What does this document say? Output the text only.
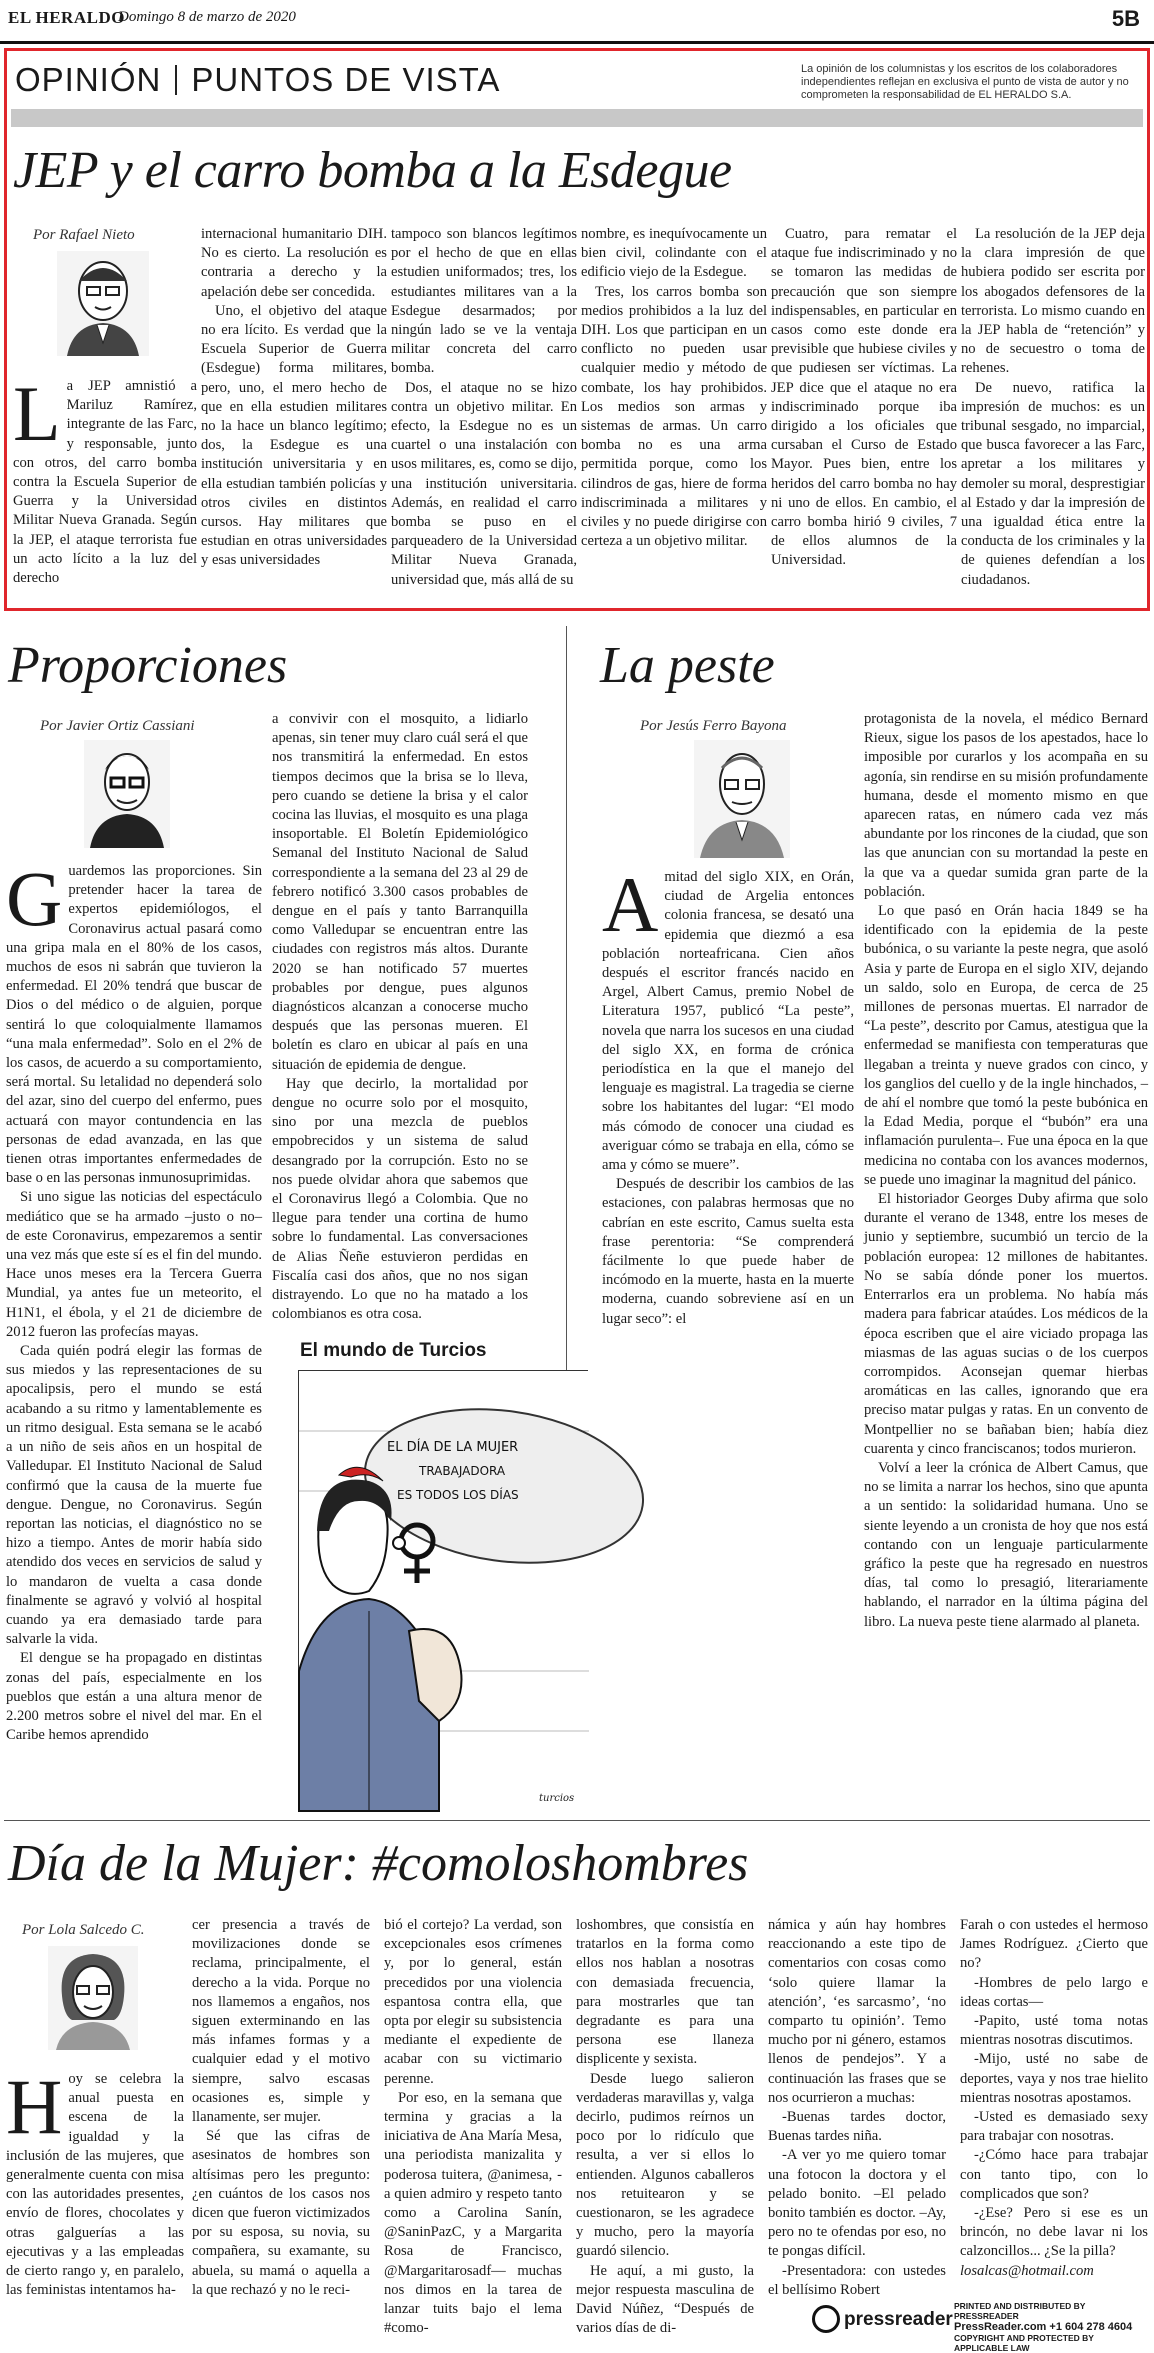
EL HERALDO
Domingo 8 de marzo de 2020	5B
OPINIÓN PUNTOS DE VISTA	La opinión de los columnistas y los escritos de los colaboradores independientes reflejan en exclusiva el punto de vista de autor y no comprometen la responsabilidad de EL HERALDO S.A.
JEP y el carro bomba a la Esdegue
Por Rafael Nieto

La JEP amnistió a Mariluz Ramírez, integrante de las Farc, y responsable, junto con otros, del carro bomba contra la Escuela Superior de Guerra y la Universidad Militar Nueva Granada. Según la JEP, el ataque terrorista fue un acto lícito a la luz del derecho

internacional humanitario DIH. No es cierto. La resolución es contraria a derecho y la apelación debe ser concedida.

Uno, el objetivo del ataque no era lícito. Es verdad que la Escuela Superior de Guerra (Esdegue) forma militares, pero, uno, el mero hecho de que en ella estudien militares no la hace un blanco legítimo; dos, la Esdegue es una institución universitaria y en ella estudian también policías y otros civiles en distintos cursos. Hay militares que estudian en otras universidades y esas universidades

tampoco son blancos legítimos por el hecho de que en ellas estudien uniformados; tres, los estudiantes militares van a la Esdegue desarmados; por ningún lado se ve la ventaja militar concreta del carro bomba.

Dos, el ataque no se hizo contra un objetivo militar. En efecto, la Esdegue no es un cuartel o una instalación con usos militares, es, como se dijo, una institución universitaria. Además, en realidad el carro bomba se puso en el parqueadero de la Universidad Militar Nueva Granada, universidad que, más allá de su

nombre, es inequívocamente un bien civil, colindante con el edificio viejo de la Esdegue.

Tres, los carros bomba son medios prohibidos a la luz del DIH. Los que participan en un conflicto no pueden usar cualquier medio y método de combate, los hay prohibidos. Los medios son armas y sistemas de armas. Un carro bomba no es una arma permitida porque, como los cilindros de gas, hiere de forma indiscriminada a militares y civiles y no puede dirigirse con certeza a un objetivo militar.

Cuatro, para rematar el ataque fue indiscriminado y no se tomaron las medidas de precaución que son siempre indispensables, en particular en casos como este donde era previsible que hubiese civiles y que pudiesen ser víctimas. La JEP dice que el ataque no era indiscriminado porque iba dirigido a los oficiales que cursaban el Curso de Estado Mayor. Pues bien, entre los heridos del carro bomba no hay ni uno de ellos. En cambio, el carro bomba hirió 9 civiles, 7 de ellos alumnos de la Universidad.

La resolución de la JEP deja la clara impresión de que hubiera podido ser escrita por los abogados defensores de la terrorista. Lo mismo cuando en la JEP habla de “retención” y no de secuestro o toma de rehenes.

De nuevo, ratifica la impresión de muchos: es un tribunal sesgado, no imparcial, que busca favorecer a las Farc, apretar a los militares y demoler su moral, desprestigiar al Estado y dar la impresión de una igualdad ética entre la conducta de los criminales y la de quienes defendían a los ciudadanos.

Proporciones
Por Javier Ortiz Cassiani

Guardemos las proporciones. Sin pretender hacer la tarea de expertos epidemiólogos, el Coronavirus actual pasará como una gripa mala en el 80% de los casos, muchos de esos ni sabrán que tuvieron la enfermedad. El 20% tendrá que buscar de Dios o del médico o de alguien, porque sentirá lo que coloquialmente llamamos “una mala enfermedad”. Solo en el 2% de los casos, de acuerdo a su comportamiento, será mortal. Su letalidad no dependerá solo del azar, sino del cuerpo del enfermo, pues actuará con mayor contundencia en las personas de edad avanzada, en las que tienen otras importantes enfermedades de base o en las personas inmunosuprimidas.

Si uno sigue las noticias del espectáculo mediático que se ha armado –justo o no– de este Coronavirus, empezaremos a sentir una vez más que este sí es el fin del mundo. Hace unos meses era la Tercera Guerra Mundial, ya antes fue un meteorito, el H1N1, el ébola, y el 21 de diciembre de 2012 fueron las profecías mayas.

Cada quién podrá elegir las formas de sus miedos y las representaciones de su apocalipsis, pero el mundo se está acabando a su ritmo y lamentablemente es un ritmo desigual. Esta semana se le acabó a un niño de seis años en un hospital de Valledupar. El Instituto Nacional de Salud confirmó que la causa de la muerte fue dengue. Dengue, no Coronavirus. Según reportan las noticias, el diagnóstico no se hizo a tiempo. Antes de morir había sido atendido dos veces en servicios de salud y lo mandaron de vuelta a casa donde finalmente se agravó y volvió al hospital cuando ya era demasiado tarde para salvarle la vida.

El dengue se ha propagado en distintas zonas del país, especialmente en los pueblos que están a una altura menor de 2.200 metros sobre el nivel del mar. En el Caribe hemos aprendido

a convivir con el mosquito, a lidiarlo apenas, sin tener muy claro cuál será el que nos transmitirá la enfermedad. En estos tiempos decimos que la brisa se lo lleva, pero cuando se detiene la brisa y el calor cocina las lluvias, el mosquito es una plaga insoportable. El Boletín Epidemiológico Semanal del Instituto Nacional de Salud correspondiente a la semana del 23 al 29 de febrero notificó 3.300 casos probables de dengue en el país y tanto Barranquilla como Valledupar se encuentran entre las ciudades con registros más altos. Durante 2020 se han notificado 57 muertes probables por dengue, pues algunos diagnósticos alcanzan a conocerse mucho después que las personas mueren. El boletín es claro en ubicar al país en una situación de epidemia de dengue.

Hay que decirlo, la mortalidad por dengue no ocurre solo por el mosquito, sino por una mezcla de pueblos empobrecidos y un sistema de salud desangrado por la corrupción. Esto no se nos puede olvidar ahora que sabemos que el Coronavirus llegó a Colombia. Que no llegue para tender una cortina de humo sobre lo fundamental. Las conversaciones de Alias Ñeñe estuvieron perdidas en Fiscalía casi dos años, que no nos sigan distrayendo. Lo que no ha matado a los colombianos es otra cosa.

El mundo de Turcios
EL DÍA DE LA MUJER
TRABAJADORA
ES TODOS LOS DÍAS
turcios
La peste
Por Jesús Ferro Bayona

Amitad del siglo XIX, en Orán, ciudad de Argelia entonces colonia francesa, se desató una epidemia que diezmó a esa población norteafricana. Cien años después el escritor francés nacido en Argel, Albert Camus, premio Nobel de Literatura 1957, publicó “La peste”, novela que narra los sucesos en una ciudad del siglo XX, en forma de crónica periodística en la que el manejo del lenguaje es magistral. La tragedia se cierne sobre los habitantes del lugar: “El modo más cómodo de conocer una ciudad es averiguar cómo se trabaja en ella, cómo se ama y cómo se muere”.

Después de describir los cambios de las estaciones, con palabras hermosas que no cabrían en este escrito, Camus suelta esta frase perentoria: “Se comprenderá fácilmente lo que puede haber de incómodo en la muerte, hasta en la muerte moderna, cuando sobreviene así en un lugar seco”: el

protagonista de la novela, el médico Bernard Rieux, sigue los pasos de los apestados, hace lo imposible por curarlos y los acompaña en su agonía, sin rendirse en su misión profundamente humana, desde el momento mismo en que aparecen ratas, en número cada vez más abundante por los rincones de la ciudad, que son las que anuncian con su mortandad la peste en la que va a quedar sumida gran parte de la población.

Lo que pasó en Orán hacia 1849 se ha identificado con la epidemia de la peste bubónica, o su variante la peste negra, que asoló Asia y parte de Europa en el siglo XIV, dejando un saldo, solo en Europa, de cerca de 25 millones de personas muertas. El narrador de “La peste”, descrito por Camus, atestigua que la enfermedad se manifiesta con temperaturas que llegaban a treinta y nueve grados con cinco, y los ganglios del cuello y de la ingle hinchados, –de ahí el nombre que tomó la peste bubónica en la Edad Media, porque el “bubón” era una inflamación purulenta–. Fue una época en la que medicina no contaba con los avances modernos, se puede uno imaginar la magnitud del pánico.

El historiador Georges Duby afirma que solo durante el verano de 1348, entre los meses de junio y septiembre, sucumbió un tercio de la población europea: 12 millones de habitantes. No se sabía dónde poner los muertos. Enterrarlos era un problema. No había más madera para fabricar ataúdes. Los médicos de la época escriben que el aire viciado propaga las miasmas de las aguas sucias o de los cuerpos corrompidos. Aconsejan quemar hierbas aromáticas en las calles, ignorando que era preciso matar pulgas y ratas. En un convento de Montpellier no se bañaban bien; había diez cuarenta y cinco franciscanos; todos murieron.

Volví a leer la crónica de Albert Camus, que no se limita a narrar los hechos, sino que apunta a un sentido: la solidaridad humana. Uno se siente leyendo a un cronista de hoy que nos está contando con un lenguaje particularmente gráfico la peste que ha regresado en nuestros días, tal como lo presagió, literariamente hablando, el narrador en la última página del libro. La nueva peste tiene alarmado al planeta.

Día de la Mujer: #comoloshombres
Por Lola Salcedo C.

Hoy se celebra la anual puesta en escena de la igualdad y la inclusión de las mujeres, que generalmente cuenta con misa con las autoridades presentes, envío de flores, chocolates y otras galguerías a las ejecutivas y a las empleadas de cierto rango y, en paralelo, las feministas intentamos ha-

cer presencia a través de movilizaciones donde se reclama, principalmente, el derecho a la vida. Porque no nos llamemos a engaños, nos siguen exterminando en las más infames formas y a cualquier edad y el motivo siempre, salvo escasas ocasiones es, simple y llanamente, ser mujer.

Sé que las cifras de asesinatos de hombres son altísimas pero les pregunto: ¿en cuántos de los casos nos dicen que fueron victimizados por su esposa, su novia, su compañera, su examante, su abuela, su mamá o aquella a la que rechazó y no le reci-

bió el cortejo? La verdad, son excepcionales esos crímenes y, por lo general, están precedidos por una violencia espantosa contra ella, que opta por elegir su subsistencia mediante el expediente de acabar con su victimario perenne.

Por eso, en la semana que termina y gracias a la iniciativa de Ana María Mesa, una periodista manizalita y poderosa tuitera, @animesa, -a quien admiro y respeto tanto como a Carolina Sanín, @SaninPazC, y a Margarita Rosa de Francisco, @Margaritarosadf— muchas nos dimos en la tarea de lanzar tuits bajo el lema #como-

loshombres, que consistía en tratarlos en la forma como ellos nos hablan a nosotras con demasiada frecuencia, para mostrarles que tan degradante es para una persona ese llaneza displicente y sexista.

Desde luego salieron verdaderas maravillas y, valga decirlo, pudimos reírnos un poco por lo ridículo que resulta, a ver si ellos lo entienden. Algunos caballeros nos retuitearon y se cuestionaron, se les agradece y mucho, pero la mayoría guardó silencio.

He aquí, a mi gusto, la mejor respuesta masculina de David Núñez, “Después de varios días de di-

námica y aún hay hombres reaccionando a este tipo de comentarios con cosas como ‘solo quiere llamar la atención’, ‘es sarcasmo’, ‘no comparto tu opinión’. Temo mucho por ni género, estamos llenos de pendejos”. Y a continuación las frases que se nos ocurrieron a muchas:

-Buenas tardes doctor, Buenas tardes niña.

-A ver yo me quiero tomar una fotocon la doctora y el pelado bonito. –El pelado bonito también es doctor. –Ay, pero no te ofendas por eso, no te pongas difícil.

-Presentadora: con ustedes el bellísimo Robert

Farah o con ustedes el hermoso James Rodríguez. ¿Cierto que no?

-Hombres de pelo largo e ideas cortas—

-Papito, usté toma notas mientras nosotras discutimos.

-Mijo, usté no sabe de deportes, vaya y nos trae hielito mientras nosotras apostamos.

-Usted es demasiado sexy para trabajar con nosotras.

-¿Cómo hace para trabajar con tanto tipo, con lo complicados que son?

-¿Ese? Pero si ese es un brincón, no debe lavar ni los calzoncillos... ¿Se la pilla?

losalcas@hotmail.com

pressreader
PRINTED AND DISTRIBUTED BY PRESSREADER
PressReader.com +1 604 278 4604
COPYRIGHT AND PROTECTED BY APPLICABLE LAW
